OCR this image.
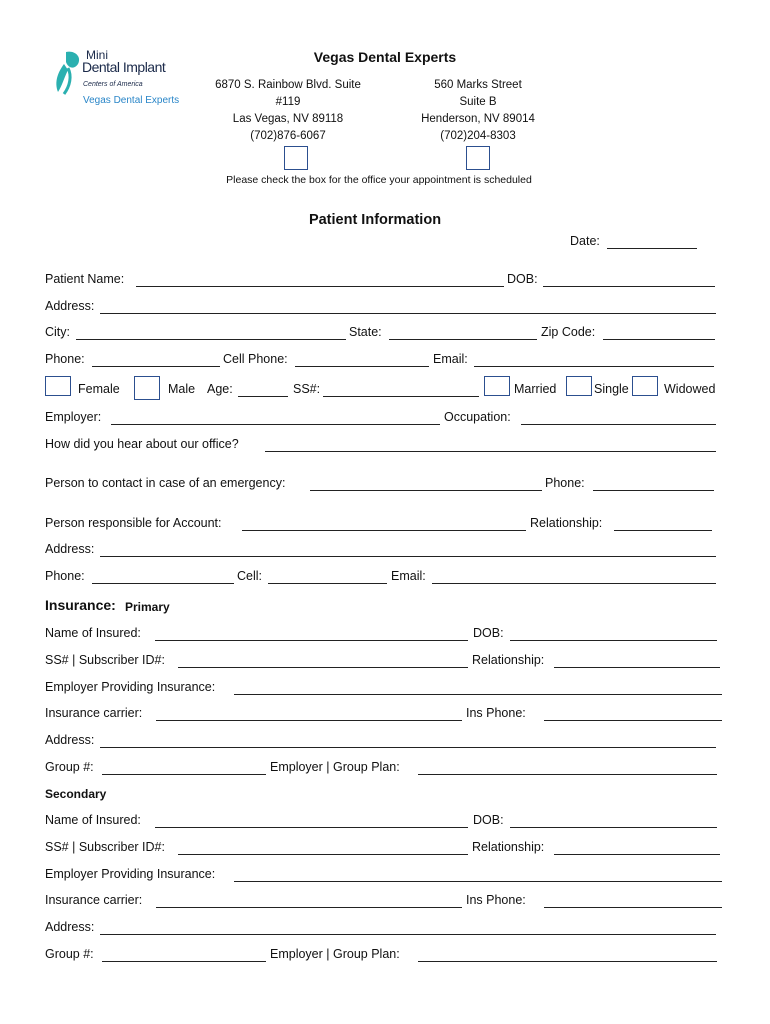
Mini
Dental Implant
Centers of America
Vegas Dental Experts
Vegas Dental Experts
6870 S. Rainbow Blvd. Suite
#119
Las Vegas, NV 89118
(702)876-6067
560 Marks Street
Suite B
Henderson, NV 89014
(702)204-8303
Please check the box for the office your appointment is scheduled
Patient Information
Date:
Patient Name:	DOB:
Address:
City:	State:	Zip Code:
Phone:	Cell Phone:	Email:
Female	Male Age:	SS#:	Married	Single	Widowed
Employer:	Occupation:
How did you hear about our office?
Person to contact in case of an emergency:	Phone:
Person responsible for Account:	Relationship:
Address:
Phone:	Cell:	Email:
Insurance: Primary
Name of Insured:	DOB:
SS# | Subscriber ID#:	Relationship:
Employer Providing Insurance:
Insurance carrier:	Ins Phone:
Address:
Group #:	Employer | Group Plan:
Secondary
Name of Insured:	DOB:
SS# | Subscriber ID#:	Relationship:
Employer Providing Insurance:
Insurance carrier:	Ins Phone:
Address:
Group #:	Employer | Group Plan:
